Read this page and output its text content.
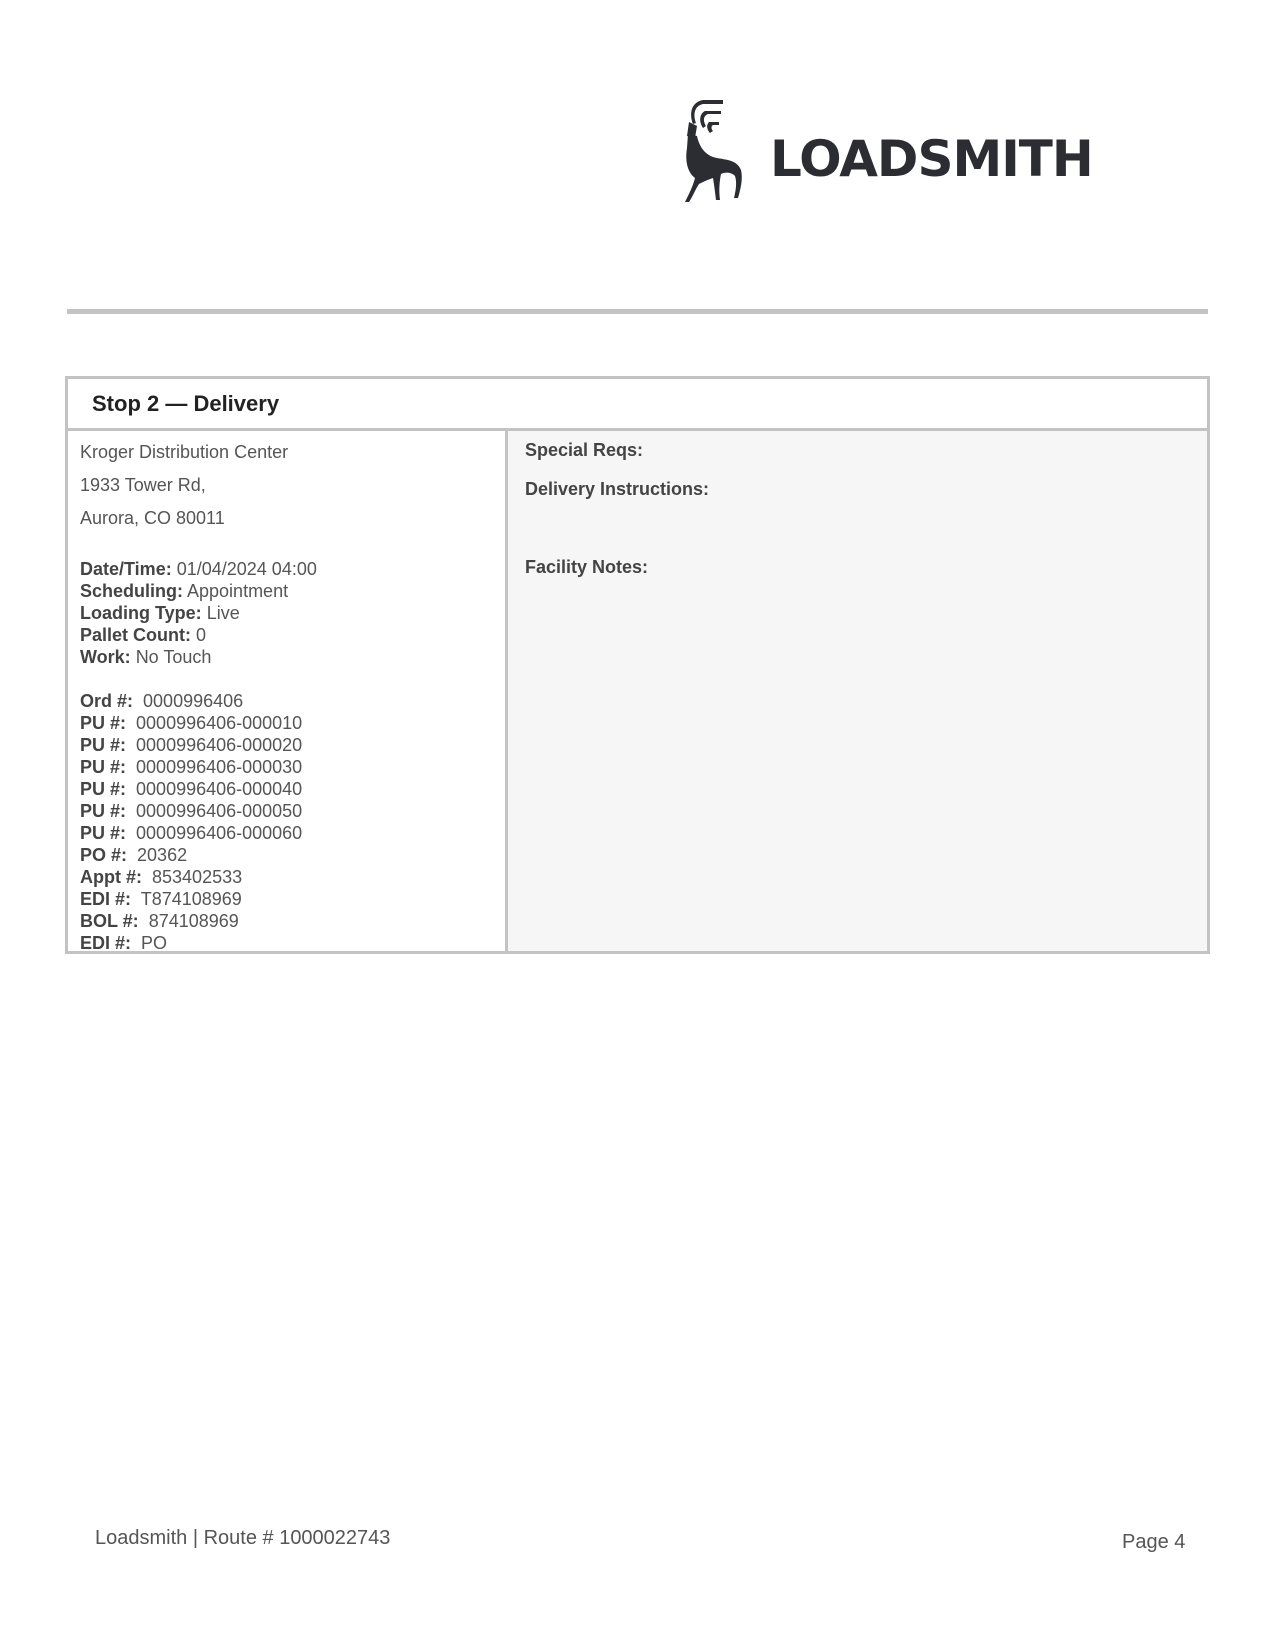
LOADSMITH
Stop 2 — Delivery
Kroger Distribution Center
1933 Tower Rd,
Aurora, CO 80011
Date/Time: 01/04/2024 04:00
Scheduling: Appointment
Loading Type: Live
Pallet Count: 0
Work: No Touch
Ord #: 0000996406
PU #: 0000996406-000010
PU #: 0000996406-000020
PU #: 0000996406-000030
PU #: 0000996406-000040
PU #: 0000996406-000050
PU #: 0000996406-000060
PO #: 20362
Appt #: 853402533
EDI #: T874108969
BOL #: 874108969
EDI #: PO
Special Reqs:
Delivery Instructions:
Facility Notes:
Loadsmith | Route # 1000022743	Page 4
